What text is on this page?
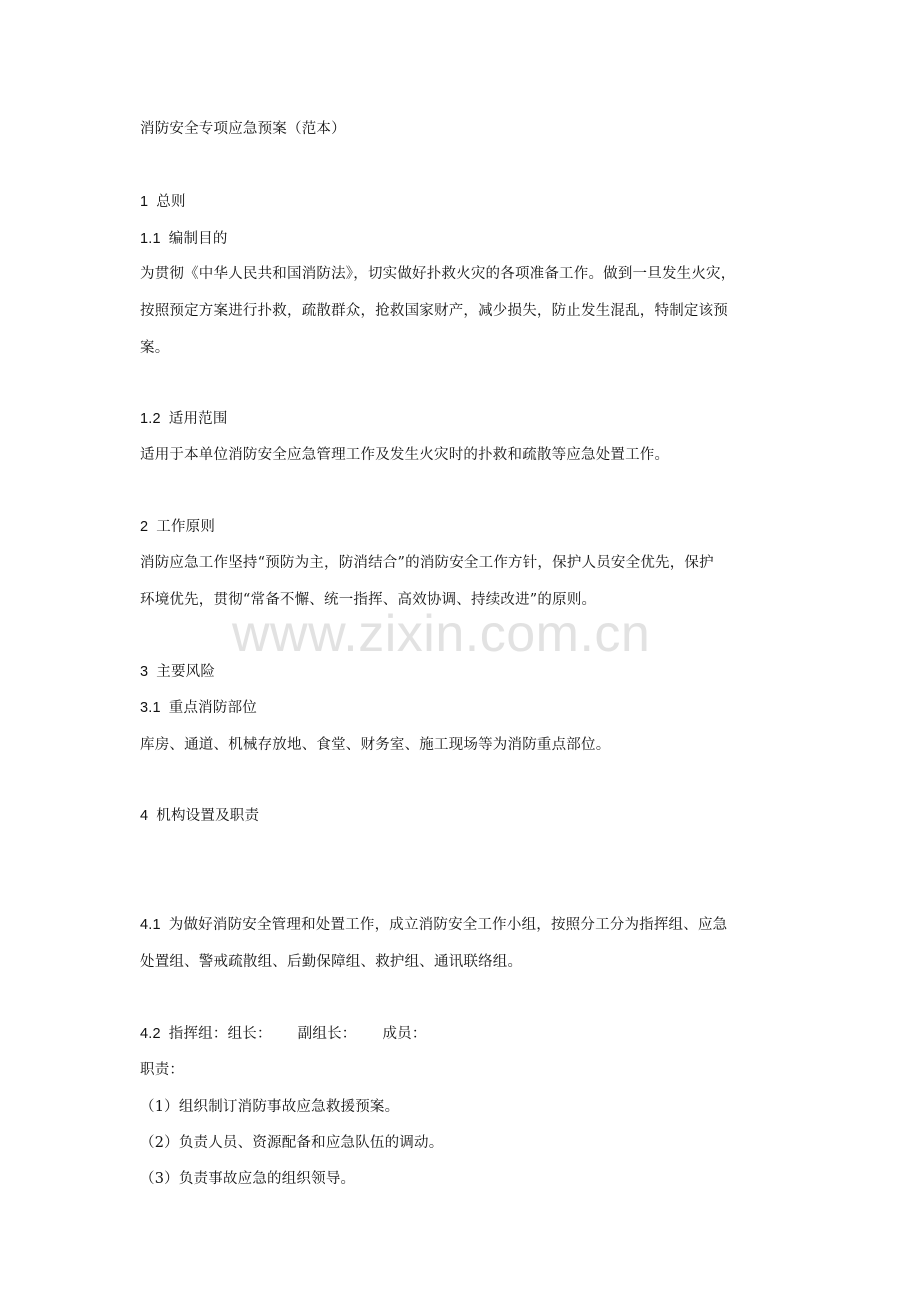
www.zixin.com.cn
消防安全专项应急预案（范本）
1 总则
1.1 编制目的
为贯彻《中华人民共和国消防法》，切实做好扑救火灾的各项准备工作。做到一旦发生火灾，
按照预定方案进行扑救，疏散群众，抢救国家财产，减少损失，防止发生混乱，特制定该预
案。
1.2 适用范围
适用于本单位消防安全应急管理工作及发生火灾时的扑救和疏散等应急处置工作。
2 工作原则
消防应急工作坚持“预防为主，防消结合”的消防安全工作方针，保护人员安全优先，保护
环境优先，贯彻“常备不懈、统一指挥、高效协调、持续改进”的原则。
3 主要风险
3.1 重点消防部位
库房、通道、机械存放地、食堂、财务室、施工现场等为消防重点部位。
4 机构设置及职责
4.1 为做好消防安全管理和处置工作，成立消防安全工作小组，按照分工分为指挥组、应急
处置组、警戒疏散组、后勤保障组、救护组、通讯联络组。
4.2 指挥组：组长： 副组长： 成员：
职责：
（1）组织制订消防事故应急救援预案。
（2）负责人员、资源配备和应急队伍的调动。
（3）负责事故应急的组织领导。
